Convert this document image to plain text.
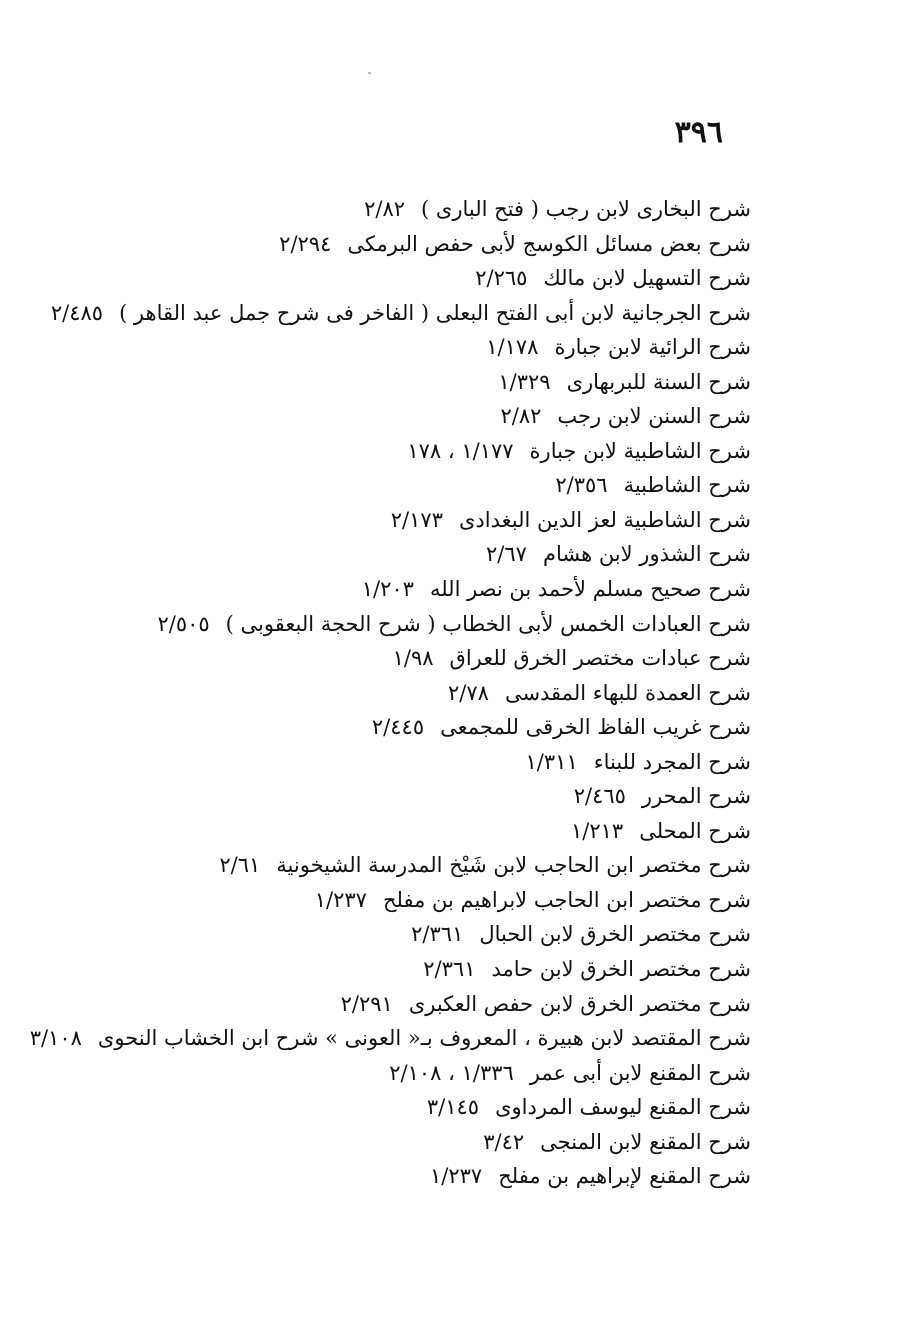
٣٩٦
شرح البخارى لابن رجب ( فتح البارى )٢/٨٢
شرح بعض مسائل الكوسج لأبى حفص البرمكى٢/٢٩٤
شرح التسهيل لابن مالك٢/٢٦٥
شرح الجرجانية لابن أبى الفتح البعلى ( الفاخر فى شرح جمل عبد القاهر )٢/٤٨٥
شرح الرائية لابن جبارة١/١٧٨
شرح السنة للبربهارى١/٣٢٩
شرح السنن لابن رجب٢/٨٢
شرح الشاطبية لابن جبارة١/١٧٧ ، ١٧٨
شرح الشاطبية٢/٣٥٦
شرح الشاطبية لعز الدين البغدادى٢/١٧٣
شرح الشذور لابن هشام٢/٦٧
شرح صحيح مسلم لأحمد بن نصر الله١/٢٠٣
شرح العبادات الخمس لأبى الخطاب ( شرح الحجة البعقوبى )٢/٥٠٥
شرح عبادات مختصر الخرق للعراق١/٩٨
شرح العمدة للبهاء المقدسى٢/٧٨
شرح غريب الفاظ الخرقى للمجمعى٢/٤٤٥
شرح المجرد للبناء١/٣١١
شرح المحرر٢/٤٦٥
شرح المحلى١/٢١٣
شرح مختصر ابن الحاجب لابن شَيْخ المدرسة الشيخونية٢/٦١
شرح مختصر ابن الحاجب لابراهيم بن مفلح١/٢٣٧
شرح مختصر الخرق لابن الحبال٢/٣٦١
شرح مختصر الخرق لابن حامد٢/٣٦١
شرح مختصر الخرق لابن حفص العكبرى٢/٢٩١
شرح المقتصد لابن هبيرة ، المعروف بـ« العونى » شرح ابن الخشاب النحوى٣/١٠٨
شرح المقنع لابن أبى عمر١/٣٣٦ ، ٢/١٠٨
شرح المقنع ليوسف المرداوى٣/١٤٥
شرح المقنع لابن المنجى٣/٤٢
شرح المقنع لإبراهيم بن مفلح١/٢٣٧
